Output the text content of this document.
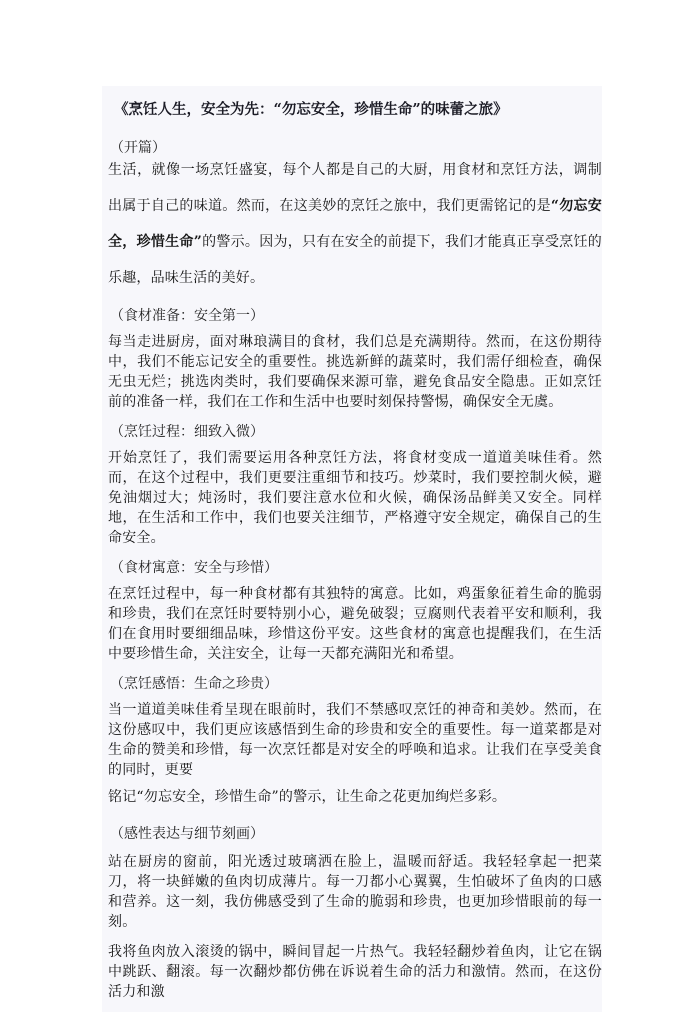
《烹饪人生，安全为先：“勿忘安全，珍惜生命”的味蕾之旅》
（开篇）
生活，就像一场烹饪盛宴，每个人都是自己的大厨，用食材和烹饪方法，调制出属于自己的味道。然而，在这美妙的烹饪之旅中，我们更需铭记的是“勿忘安全，珍惜生命”的警示。因为，只有在安全的前提下，我们才能真正享受烹饪的乐趣，品味生活的美好。
（食材准备：安全第一）
每当走进厨房，面对琳琅满目的食材，我们总是充满期待。然而，在这份期待中，我们不能忘记安全的重要性。挑选新鲜的蔬菜时，我们需仔细检查，确保无虫无烂；挑选肉类时，我们要确保来源可靠，避免食品安全隐患。正如烹饪前的准备一样，我们在工作和生活中也要时刻保持警惕，确保安全无虞。
（烹饪过程：细致入微）
开始烹饪了，我们需要运用各种烹饪方法，将食材变成一道道美味佳肴。然而，在这个过程中，我们更要注重细节和技巧。炒菜时，我们要控制火候，避免油烟过大；炖汤时，我们要注意水位和火候，确保汤品鲜美又安全。同样地，在生活和工作中，我们也要关注细节，严格遵守安全规定，确保自己的生命安全。
（食材寓意：安全与珍惜）
在烹饪过程中，每一种食材都有其独特的寓意。比如，鸡蛋象征着生命的脆弱和珍贵，我们在烹饪时要特别小心，避免破裂；豆腐则代表着平安和顺利，我们在食用时要细细品味，珍惜这份平安。这些食材的寓意也提醒我们，在生活中要珍惜生命，关注安全，让每一天都充满阳光和希望。
（烹饪感悟：生命之珍贵）
当一道道美味佳肴呈现在眼前时，我们不禁感叹烹饪的神奇和美妙。然而，在这份感叹中，我们更应该感悟到生命的珍贵和安全的重要性。每一道菜都是对生命的赞美和珍惜，每一次烹饪都是对安全的呼唤和追求。让我们在享受美食的同时，更要
铭记“勿忘安全，珍惜生命”的警示，让生命之花更加绚烂多彩。
（感性表达与细节刻画）
站在厨房的窗前，阳光透过玻璃洒在脸上，温暖而舒适。我轻轻拿起一把菜刀，将一块鲜嫩的鱼肉切成薄片。每一刀都小心翼翼，生怕破坏了鱼肉的口感和营养。这一刻，我仿佛感受到了生命的脆弱和珍贵，也更加珍惜眼前的每一刻。
我将鱼肉放入滚烫的锅中，瞬间冒起一片热气。我轻轻翻炒着鱼肉，让它在锅中跳跃、翻滚。每一次翻炒都仿佛在诉说着生命的活力和激情。然而，在这份活力和激
